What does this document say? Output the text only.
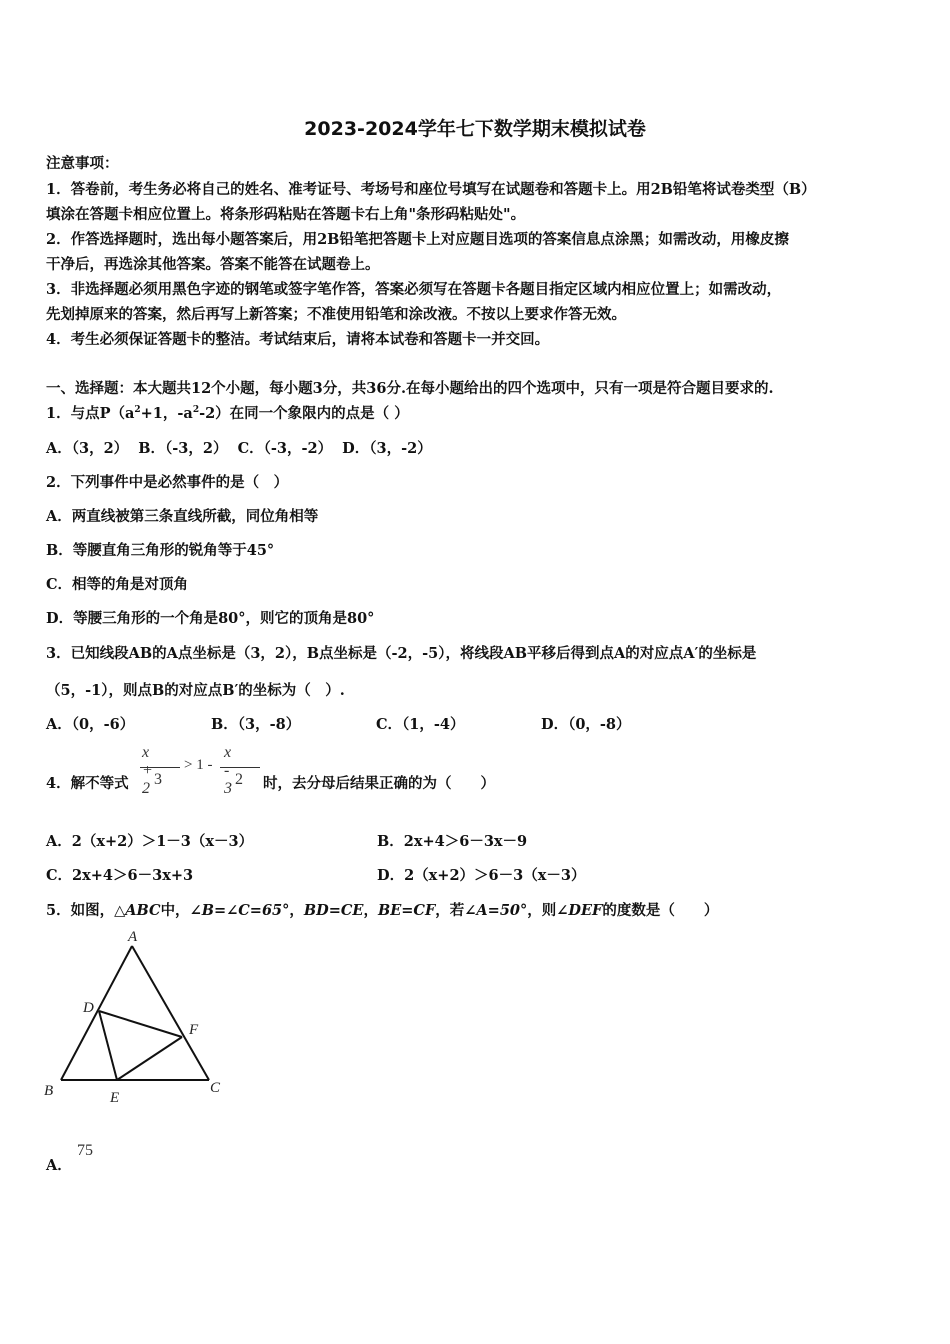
2023-2024学年七下数学期末模拟试卷
注意事项：
1．答卷前，考生务必将自己的姓名、准考证号、考场号和座位号填写在试题卷和答题卡上。用2B铅笔将试卷类型（B）
填涂在答题卡相应位置上。将条形码粘贴在答题卡右上角"条形码粘贴处"。
2．作答选择题时，选出每小题答案后，用2B铅笔把答题卡上对应题目选项的答案信息点涂黑；如需改动，用橡皮擦
干净后，再选涂其他答案。答案不能答在试题卷上。
3．非选择题必须用黑色字迹的钢笔或签字笔作答，答案必须写在答题卡各题目指定区域内相应位置上；如需改动，
先划掉原来的答案，然后再写上新答案；不准使用铅笔和涂改液。不按以上要求作答无效。
4．考生必须保证答题卡的整洁。考试结束后，请将本试卷和答题卡一并交回。
一、选择题：本大题共12个小题，每小题3分，共36分.在每小题给出的四个选项中，只有一项是符合题目要求的.
1．与点$P(a^2+1$，$-a^2-2$）在同一个象限内的点是（ ）
A．（3，2）  B．（-3，2）  C．（-3，-2）  D．（3，-2）
2．下列事件中是必然事件的是（　）
A．两直线被第三条直线所截，同位角相等
B．等腰直角三角形的锐角等于45°
C．相等的角是对顶角
D．等腰三角形的一个角是80°，则它的顶角是80°
3．已知线段AB的A点坐标是（3，2），B点坐标是（-2，-5），将线段AB平移后得到点A的对应点A′的坐标是
（5，-1），则点B的对应点B′的坐标为（　）.
A．（0，-6）	B．（3，-8）	C．（1，-4）	D．（0，-8）
4．解不等式
x + 2
3
> 1 -
x - 3
2 时，去分母后结果正确的为（　　）
A．2（x+2）＞1－3（x－3）	B．2x+4＞6－3x－9
C．2x+4＞6－3x+3	D．2（x+2）＞6－3（x－3）
5．如图，△ABC中，∠B=∠C=65°，BD=CE，BE=CF，若∠A=50°，则∠DEF的度数是（　　）
A
D
F
B	E
C
A．
75
